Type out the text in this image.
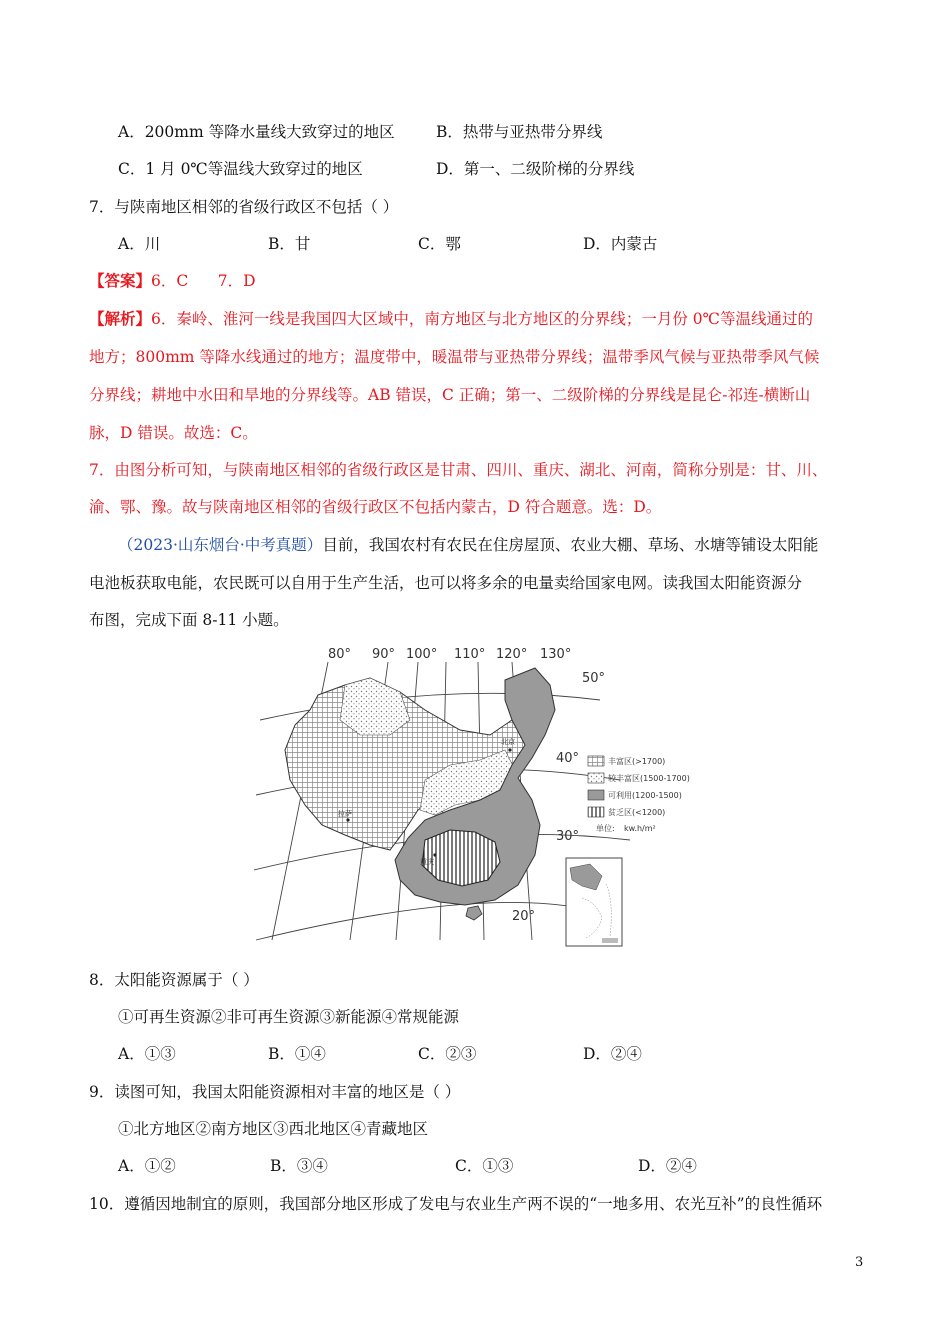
A．200mm 等降水量线大致穿过的地区	B．热带与亚热带分界线
C．1 月 0℃等温线大致穿过的地区	D．第一、二级阶梯的分界线
7．与陕南地区相邻的省级行政区不包括（ ）
A．川	B．甘	C．鄂	D．内蒙古
【答案】6．C      7．D
【解析】6．秦岭、淮河一线是我国四大区域中，南方地区与北方地区的分界线；一月份 0℃等温线通过的
地方；800mm 等降水线通过的地方；温度带中，暖温带与亚热带分界线；温带季风气候与亚热带季风气候
分界线；耕地中水田和旱地的分界线等。AB 错误，C 正确；第一、二级阶梯的分界线是昆仑-祁连-横断山
脉，D 错误。故选：C。
7．由图分析可知，与陕南地区相邻的省级行政区是甘肃、四川、重庆、湖北、河南，简称分别是：甘、川、
渝、鄂、豫。故与陕南地区相邻的省级行政区不包括内蒙古，D 符合题意。选：D。
（2023·山东烟台·中考真题）目前，我国农村有农民在住房屋顶、农业大棚、草场、水塘等铺设太阳能
电池板获取电能，农民既可以自用于生产生活，也可以将多余的电量卖给国家电网。读我国太阳能资源分
布图，完成下面 8-11 小题。
北京
拉萨
重庆
80° 90° 100° 110° 120° 130°
50°
40°
30°
20°
丰富区(>1700)
较丰富区(1500-1700)
可利用(1200-1500)
贫乏区(<1200)
单位: kw.h/m²
8．太阳能资源属于（ ）
①可再生资源②非可再生资源③新能源④常规能源
A．①③	B．①④	C．②③	D．②④
9．读图可知，我国太阳能资源相对丰富的地区是（ ）
①北方地区②南方地区③西北地区④青藏地区
A．①②	B．③④	C．①③	D．②④
10．遵循因地制宜的原则，我国部分地区形成了发电与农业生产两不误的“一地多用、农光互补”的良性循环
3
